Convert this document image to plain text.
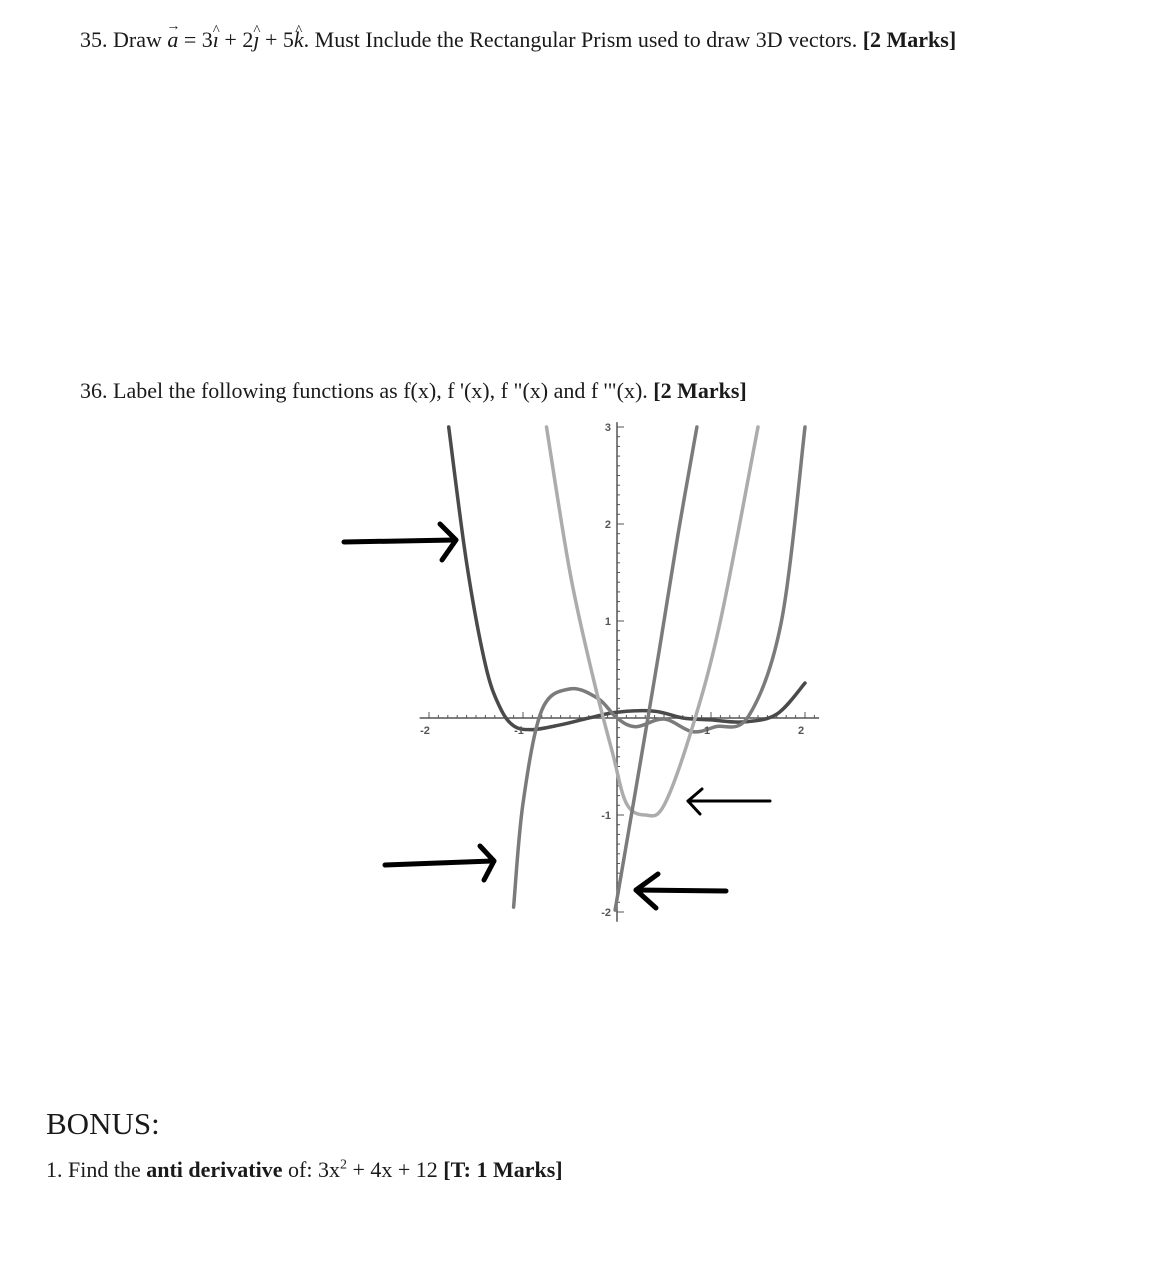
35. Draw a → = 3ı ^ + 2ȷ ^ + 5k ^. Must Include the Rectangular Prism used to draw 3D vectors. [2 Marks]
36. Label the following functions as f(x), f '(x), f "(x) and f '"(x). [2 Marks]
-2	-1	1	2
-2
-1
1
2
3
BONUS:
1. Find the anti derivative of: $3x^2 + 4x + 12$ [T: 1 Marks]
